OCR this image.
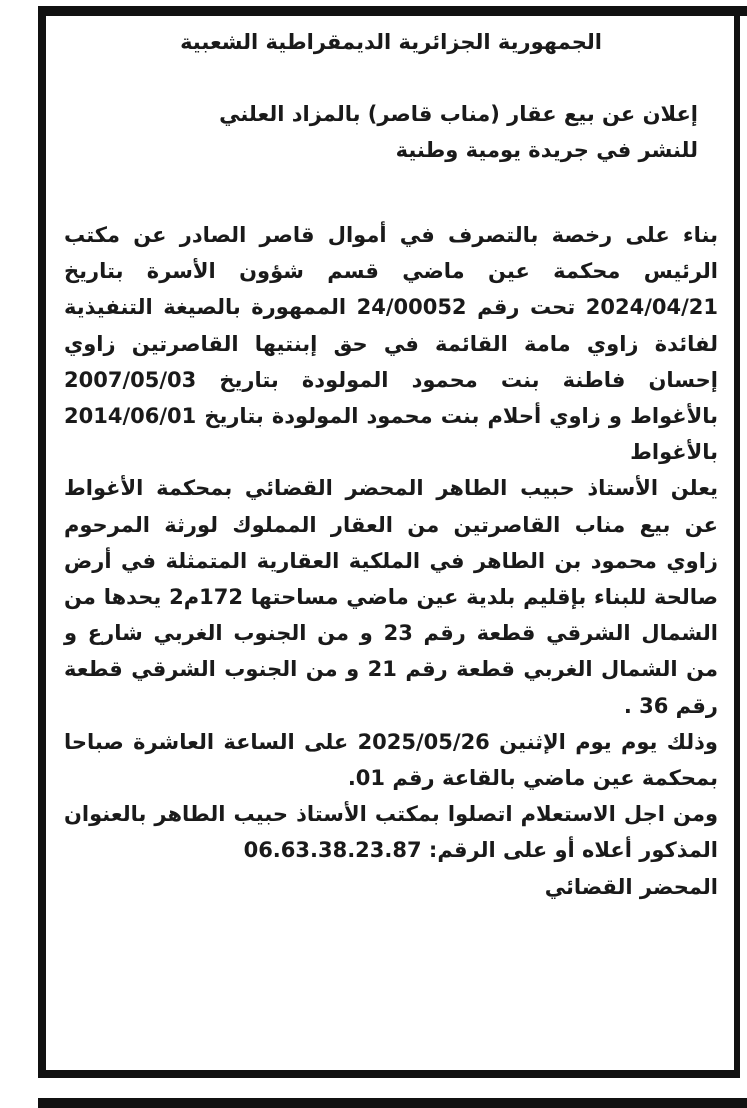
الجمهورية الجزائرية الديمقراطية الشعبية

إعلان عن بيع عقار (مناب قاصر) بالمزاد العلني
للنشر في جريدة يومية وطنية

بناء على رخصة بالتصرف في أموال قاصر الصادر عن مكتب الرئيس محكمة عين ماضي قسم شؤون الأسرة بتاريخ 2024/04/21 تحت رقم 24/00052 الممهورة بالصيغة التنفيذية لفائدة زاوي مامة القائمة في حق إبنتيها القاصرتين زاوي إحسان فاطنة بنت محمود المولودة بتاريخ 2007/05/03 بالأغواط و زاوي أحلام بنت محمود المولودة بتاريخ 2014/06/01 بالأغواط

يعلن الأستاذ حبيب الطاهر المحضر القضائي بمحكمة الأغواط عن بيع مناب القاصرتين من العقار المملوك لورثة المرحوم زاوي محمود بن الطاهر في الملكية العقارية المتمثلة في أرض صالحة للبناء بإقليم بلدية عين ماضي مساحتها 172م2 يحدها من الشمال الشرقي قطعة رقم 23 و من الجنوب الغربي شارع و من الشمال الغربي قطعة رقم 21 و من الجنوب الشرقي قطعة رقم 36 .

وذلك يوم يوم الإثنين 2025/05/26 على الساعة العاشرة صباحا بمحكمة عين ماضي بالقاعة رقم 01.

ومن اجل الاستعلام اتصلوا بمكتب الأستاذ حبيب الطاهر بالعنوان المذكور أعلاه أو على الرقم: 06.63.38.23.87

المحضر القضائي
